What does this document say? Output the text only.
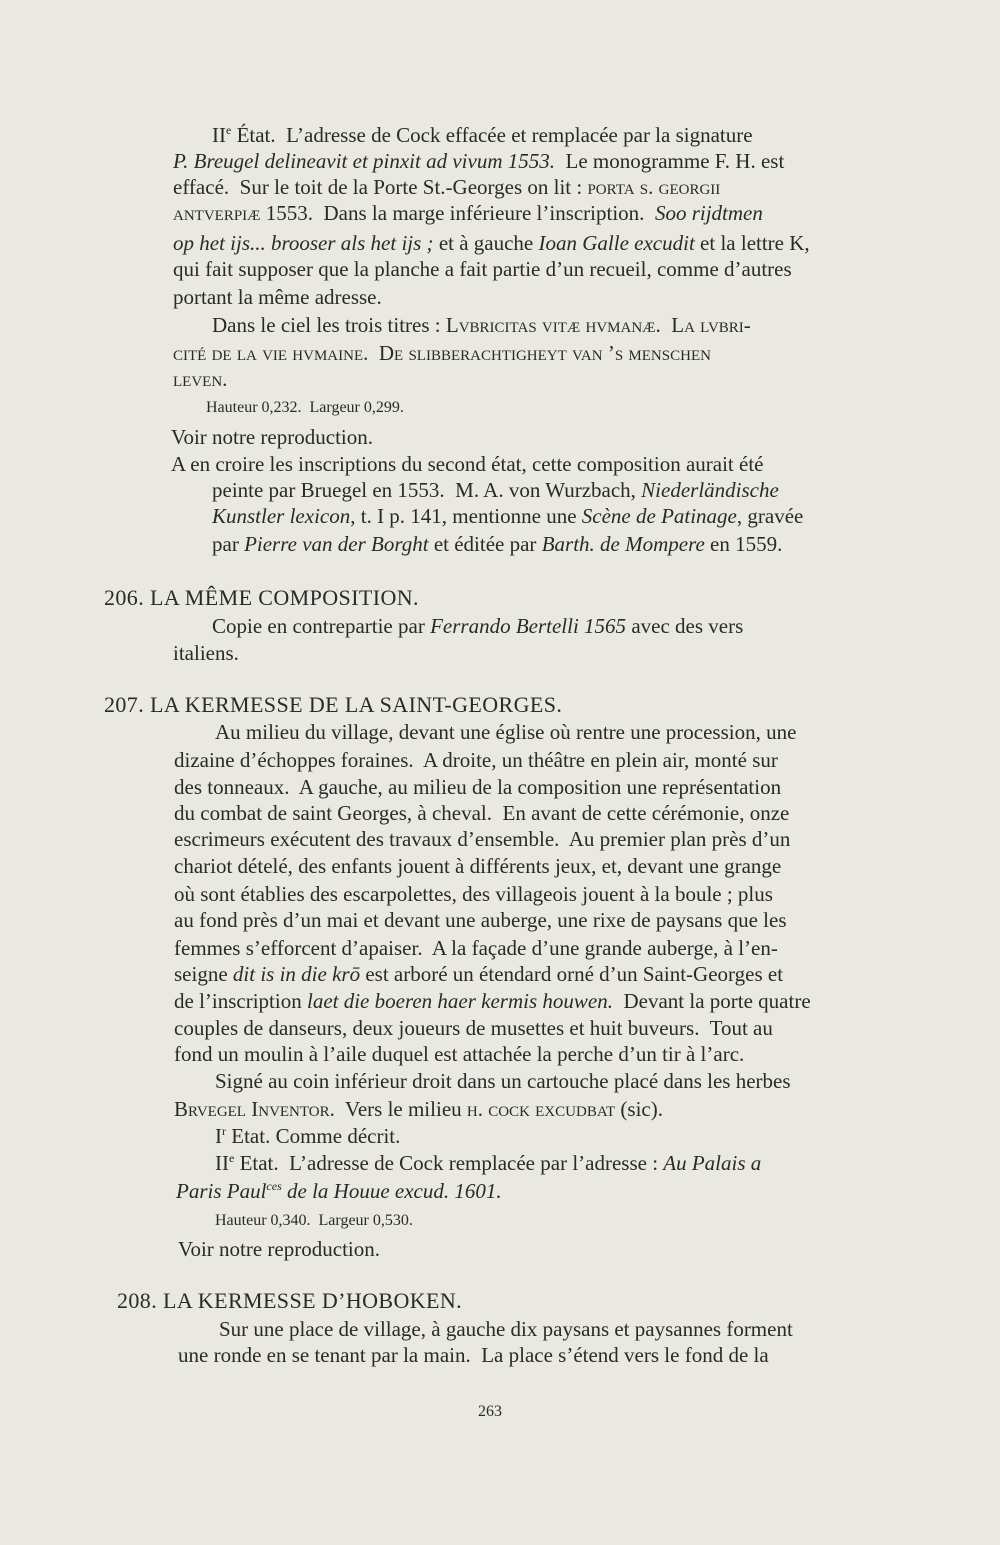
IIe État.  L’adresse de Cock effacée et remplacée par la signature
P. Breugel delineavit et pinxit ad vivum 1553.  Le monogramme F. H. est
effacé.  Sur le toit de la Porte St.-Georges on lit : porta s. georgii
antverpiæ 1553.  Dans la marge inférieure l’inscription.  Soo rijdtmen
op het ijs... brooser als het ijs ; et à gauche Ioan Galle excudit et la lettre K,
qui fait supposer que la planche a fait partie d’un recueil, comme d’autres
portant la même adresse.
Dans le ciel les trois titres : Lvbricitas vitæ hvmanæ.  La lvbri-
cité de la vie hvmaine.  De slibberachtigheyt van ’s menschen
leven.
Hauteur 0,232.  Largeur 0,299.
Voir notre reproduction.
A en croire les inscriptions du second état, cette composition aurait été
peinte par Bruegel en 1553.  M. A. von Wurzbach, Niederländische
Kunstler lexicon, t. I p. 141, mentionne une Scène de Patinage, gravée
par Pierre van der Borght et éditée par Barth. de Mompere en 1559.
206. LA MÊME COMPOSITION.
Copie en contrepartie par Ferrando Bertelli 1565 avec des vers
italiens.
207. LA KERMESSE DE LA SAINT-GEORGES.
Au milieu du village, devant une église où rentre une procession, une
dizaine d’échoppes foraines.  A droite, un théâtre en plein air, monté sur
des tonneaux.  A gauche, au milieu de la composition une représentation
du combat de saint Georges, à cheval.  En avant de cette cérémonie, onze
escrimeurs exécutent des travaux d’ensemble.  Au premier plan près d’un
chariot dételé, des enfants jouent à différents jeux, et, devant une grange
où sont établies des escarpolettes, des villageois jouent à la boule ; plus
au fond près d’un mai et devant une auberge, une rixe de paysans que les
femmes s’efforcent d’apaiser.  A la façade d’une grande auberge, à l’en-
seigne dit is in die krō est arboré un étendard orné d’un Saint-Georges et
de l’inscription laet die boeren haer kermis houwen.  Devant la porte quatre
couples de danseurs, deux joueurs de musettes et huit buveurs.  Tout au
fond un moulin à l’aile duquel est attachée la perche d’un tir à l’arc.
Signé au coin inférieur droit dans un cartouche placé dans les herbes
Brvegel Inventor.  Vers le milieu h. cock excudbat (sic).
$I^r$ Etat. Comme décrit.
IIe Etat.  L’adresse de Cock remplacée par l’adresse : Au Palais a
Paris Paul$^{ces}$ de la Houue excud. 1601.
Hauteur 0,340.  Largeur 0,530.
Voir notre reproduction.
208. LA KERMESSE D’HOBOKEN.
Sur une place de village, à gauche dix paysans et paysannes forment
une ronde en se tenant par la main.  La place s’étend vers le fond de la
263
